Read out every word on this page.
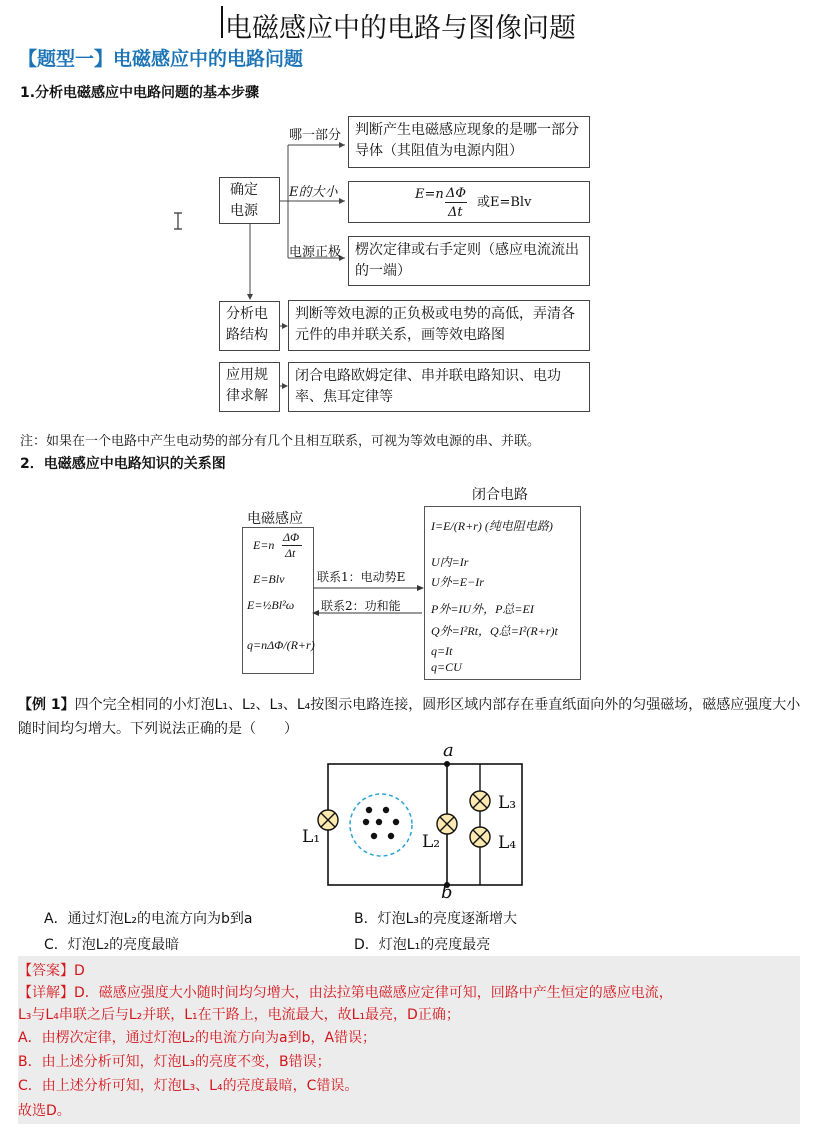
电磁感应中的电路与图像问题
【题型一】电磁感应中的电路问题
1.分析电磁感应中电路问题的基本步骤
确定电源
分析电路结构
应用规律求解
哪一部分
E的大小
电源正极
判断产生电磁感应现象的是哪一部分导体（其阻值为电源内阻）
E=n ΔΦ
Δt
或E=Blv
楞次定律或右手定则（感应电流流出的一端）
判断等效电源的正负极或电势的高低，弄清各元件的串并联关系，画等效电路图
闭合电路欧姆定律、串并联电路知识、电功率、焦耳定律等
注：如果在一个电路中产生电动势的部分有几个且相互联系，可视为等效电源的串、并联。
2．电磁感应中电路知识的关系图
电磁感应
闭合电路
E=n
ΔΦ
Δt
E=Blv
E=½Bl²ω
q=nΔΦ/(R+r)
I=E/(R+r) (纯电阻电路)
U内=Ir
U外=E−Ir
P外=IU外，P总=EI
Q外=I²Rt，Q总=I²(R+r)t
q=It
q=CU
联系1：电动势E
联系2：功和能
【例 1】四个完全相同的小灯泡L₁、L₂、L₃、L₄按图示电路连接，圆形区域内部存在垂直纸面向外的匀强磁场，磁感应强度大小随时间均匀增大。下列说法正确的是（　　）
a
b
L₁	L₂
L₃
L₄
A．通过灯泡L₂的电流方向为b到a	B．灯泡L₃的亮度逐渐增大
C．灯泡L₂的亮度最暗	D．灯泡L₁的亮度最亮
【答案】D
【详解】D．磁感应强度大小随时间均匀增大，由法拉第电磁感应定律可知，回路中产生恒定的感应电流，
L₃与L₄串联之后与L₂并联，L₁在干路上，电流最大，故L₁最亮，D正确；
A．由楞次定律，通过灯泡L₂的电流方向为a到b，A错误；
B．由上述分析可知，灯泡L₃的亮度不变，B错误；
C．由上述分析可知，灯泡L₃、L₄的亮度最暗，C错误。
故选D。
